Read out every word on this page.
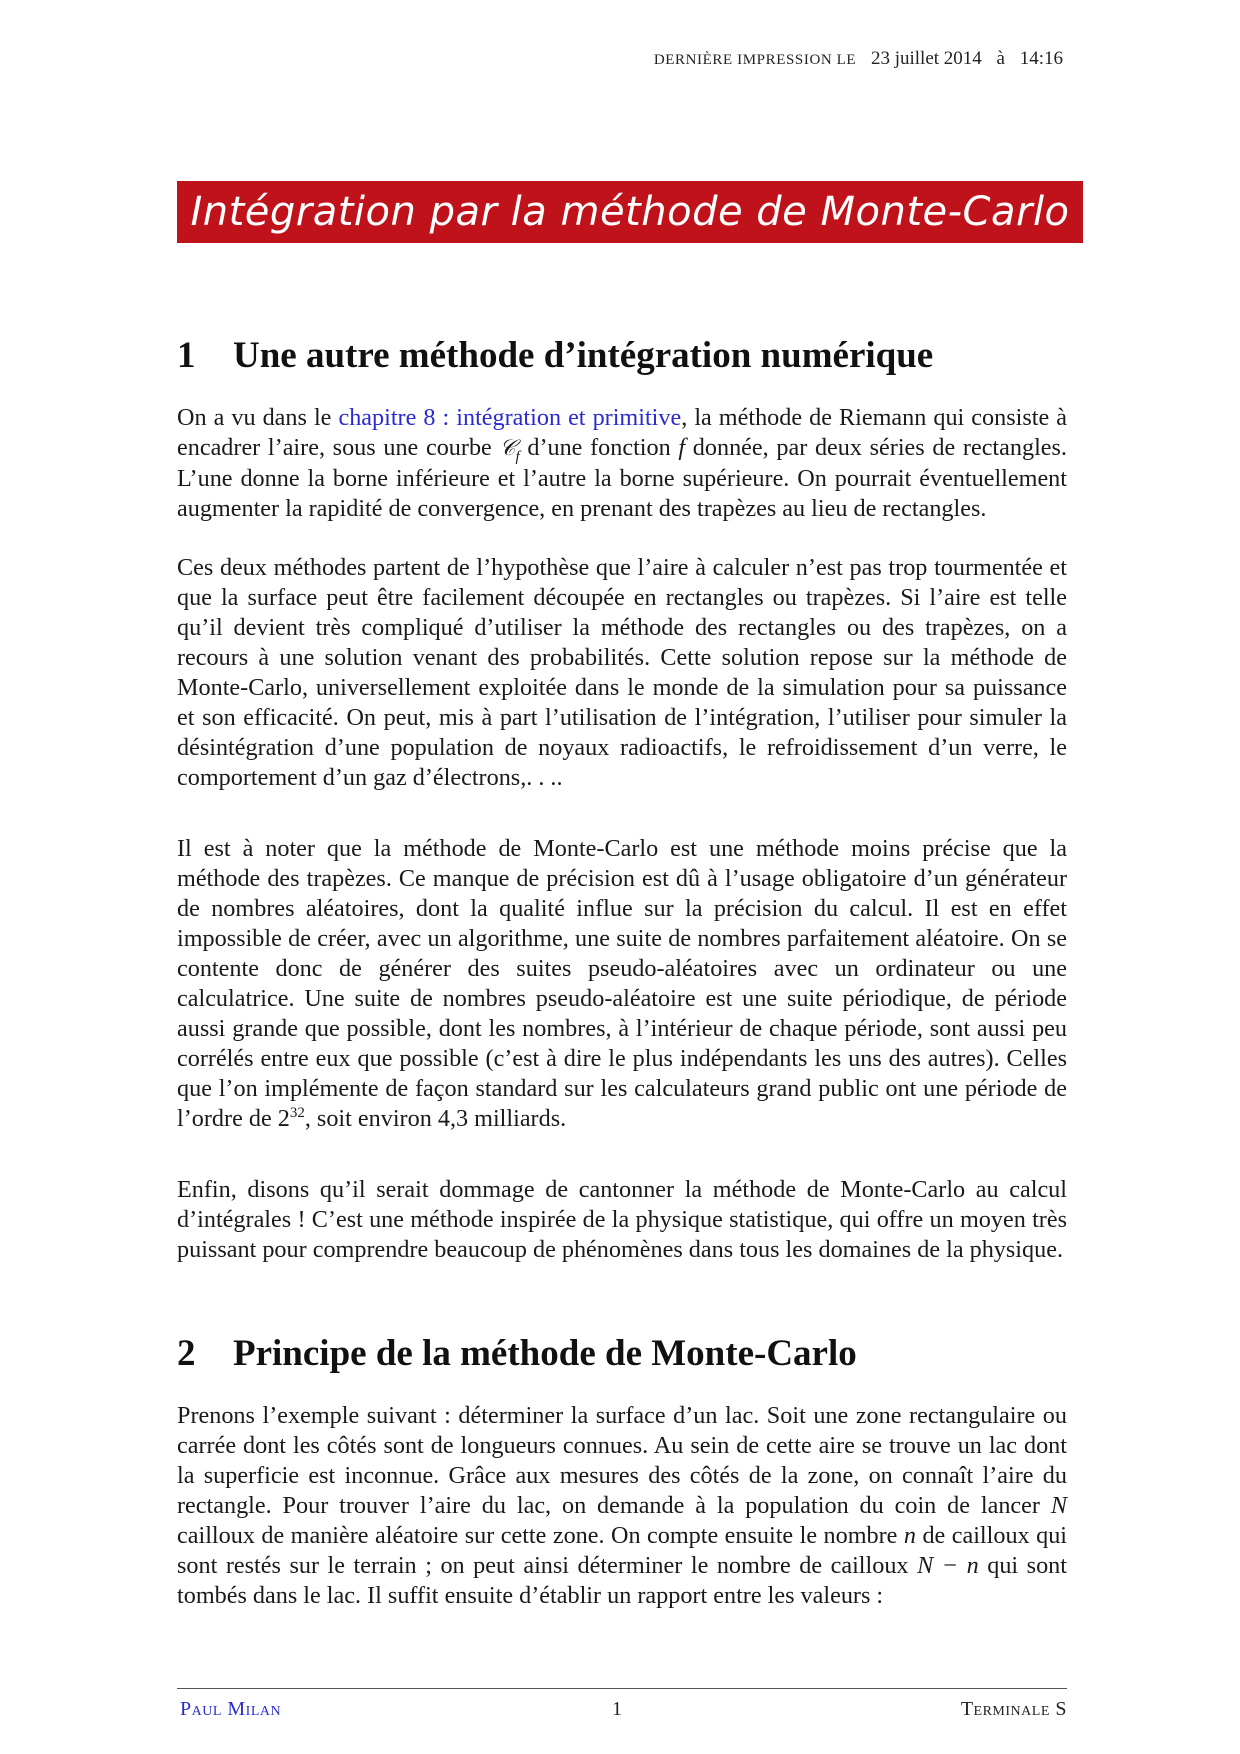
DERNIÈRE IMPRESSION LE 23 juillet 2014 à 14:16
Intégration par la méthode de Monte-Carlo
1 Une autre méthode d’intégration numérique

On a vu dans le chapitre 8 : intégration et primitive, la méthode de Riemann qui consiste à encadrer l’aire, sous une courbe 𝒞$_f$ d’une fonction f donnée, par deux séries de rectangles. L’une donne la borne inférieure et l’autre la borne supérieure. On pourrait éventuellement augmenter la rapidité de convergence, en prenant des trapèzes au lieu de rectangles.

Ces deux méthodes partent de l’hypothèse que l’aire à calculer n’est pas trop tourmentée et que la surface peut être facilement découpée en rectangles ou trapèzes. Si l’aire est telle qu’il devient très compliqué d’utiliser la méthode des rectangles ou des trapèzes, on a recours à une solution venant des probabilités. Cette solution repose sur la méthode de Monte-Carlo, universellement exploitée dans le monde de la simulation pour sa puissance et son efficacité. On peut, mis à part l’utilisation de l’intégration, l’utiliser pour simuler la désintégration d’une population de noyaux radioactifs, le refroidissement d’un verre, le comportement d’un gaz d’électrons,. . ..

Il est à noter que la méthode de Monte-Carlo est une méthode moins précise que la méthode des trapèzes. Ce manque de précision est dû à l’usage obligatoire d’un générateur de nombres aléatoires, dont la qualité influe sur la précision du calcul. Il est en effet impossible de créer, avec un algorithme, une suite de nombres parfaitement aléatoire. On se contente donc de générer des suites pseudo-aléatoires avec un ordinateur ou une calculatrice. Une suite de nombres pseudo-aléatoire est une suite périodique, de période aussi grande que possible, dont les nombres, à l’intérieur de chaque période, sont aussi peu corrélés entre eux que possible (c’est à dire le plus indépendants les uns des autres). Celles que l’on implémente de façon standard sur les calculateurs grand public ont une période de l’ordre de $2^{32}$, soit environ 4,3 milliards.

Enfin, disons qu’il serait dommage de cantonner la méthode de Monte-Carlo au calcul d’intégrales ! C’est une méthode inspirée de la physique statistique, qui offre un moyen très puissant pour comprendre beaucoup de phénomènes dans tous les domaines de la physique.

2 Principe de la méthode de Monte-Carlo

Prenons l’exemple suivant : déterminer la surface d’un lac. Soit une zone rectangulaire ou carrée dont les côtés sont de longueurs connues. Au sein de cette aire se trouve un lac dont la superficie est inconnue. Grâce aux mesures des côtés de la zone, on connaît l’aire du rectangle. Pour trouver l’aire du lac, on demande à la population du coin de lancer N cailloux de manière aléatoire sur cette zone. On compte ensuite le nombre n de cailloux qui sont restés sur le terrain ; on peut ainsi déterminer le nombre de cailloux N − n qui sont tombés dans le lac. Il suffit ensuite d’établir un rapport entre les valeurs :

Paul Milan	1	Terminale S
